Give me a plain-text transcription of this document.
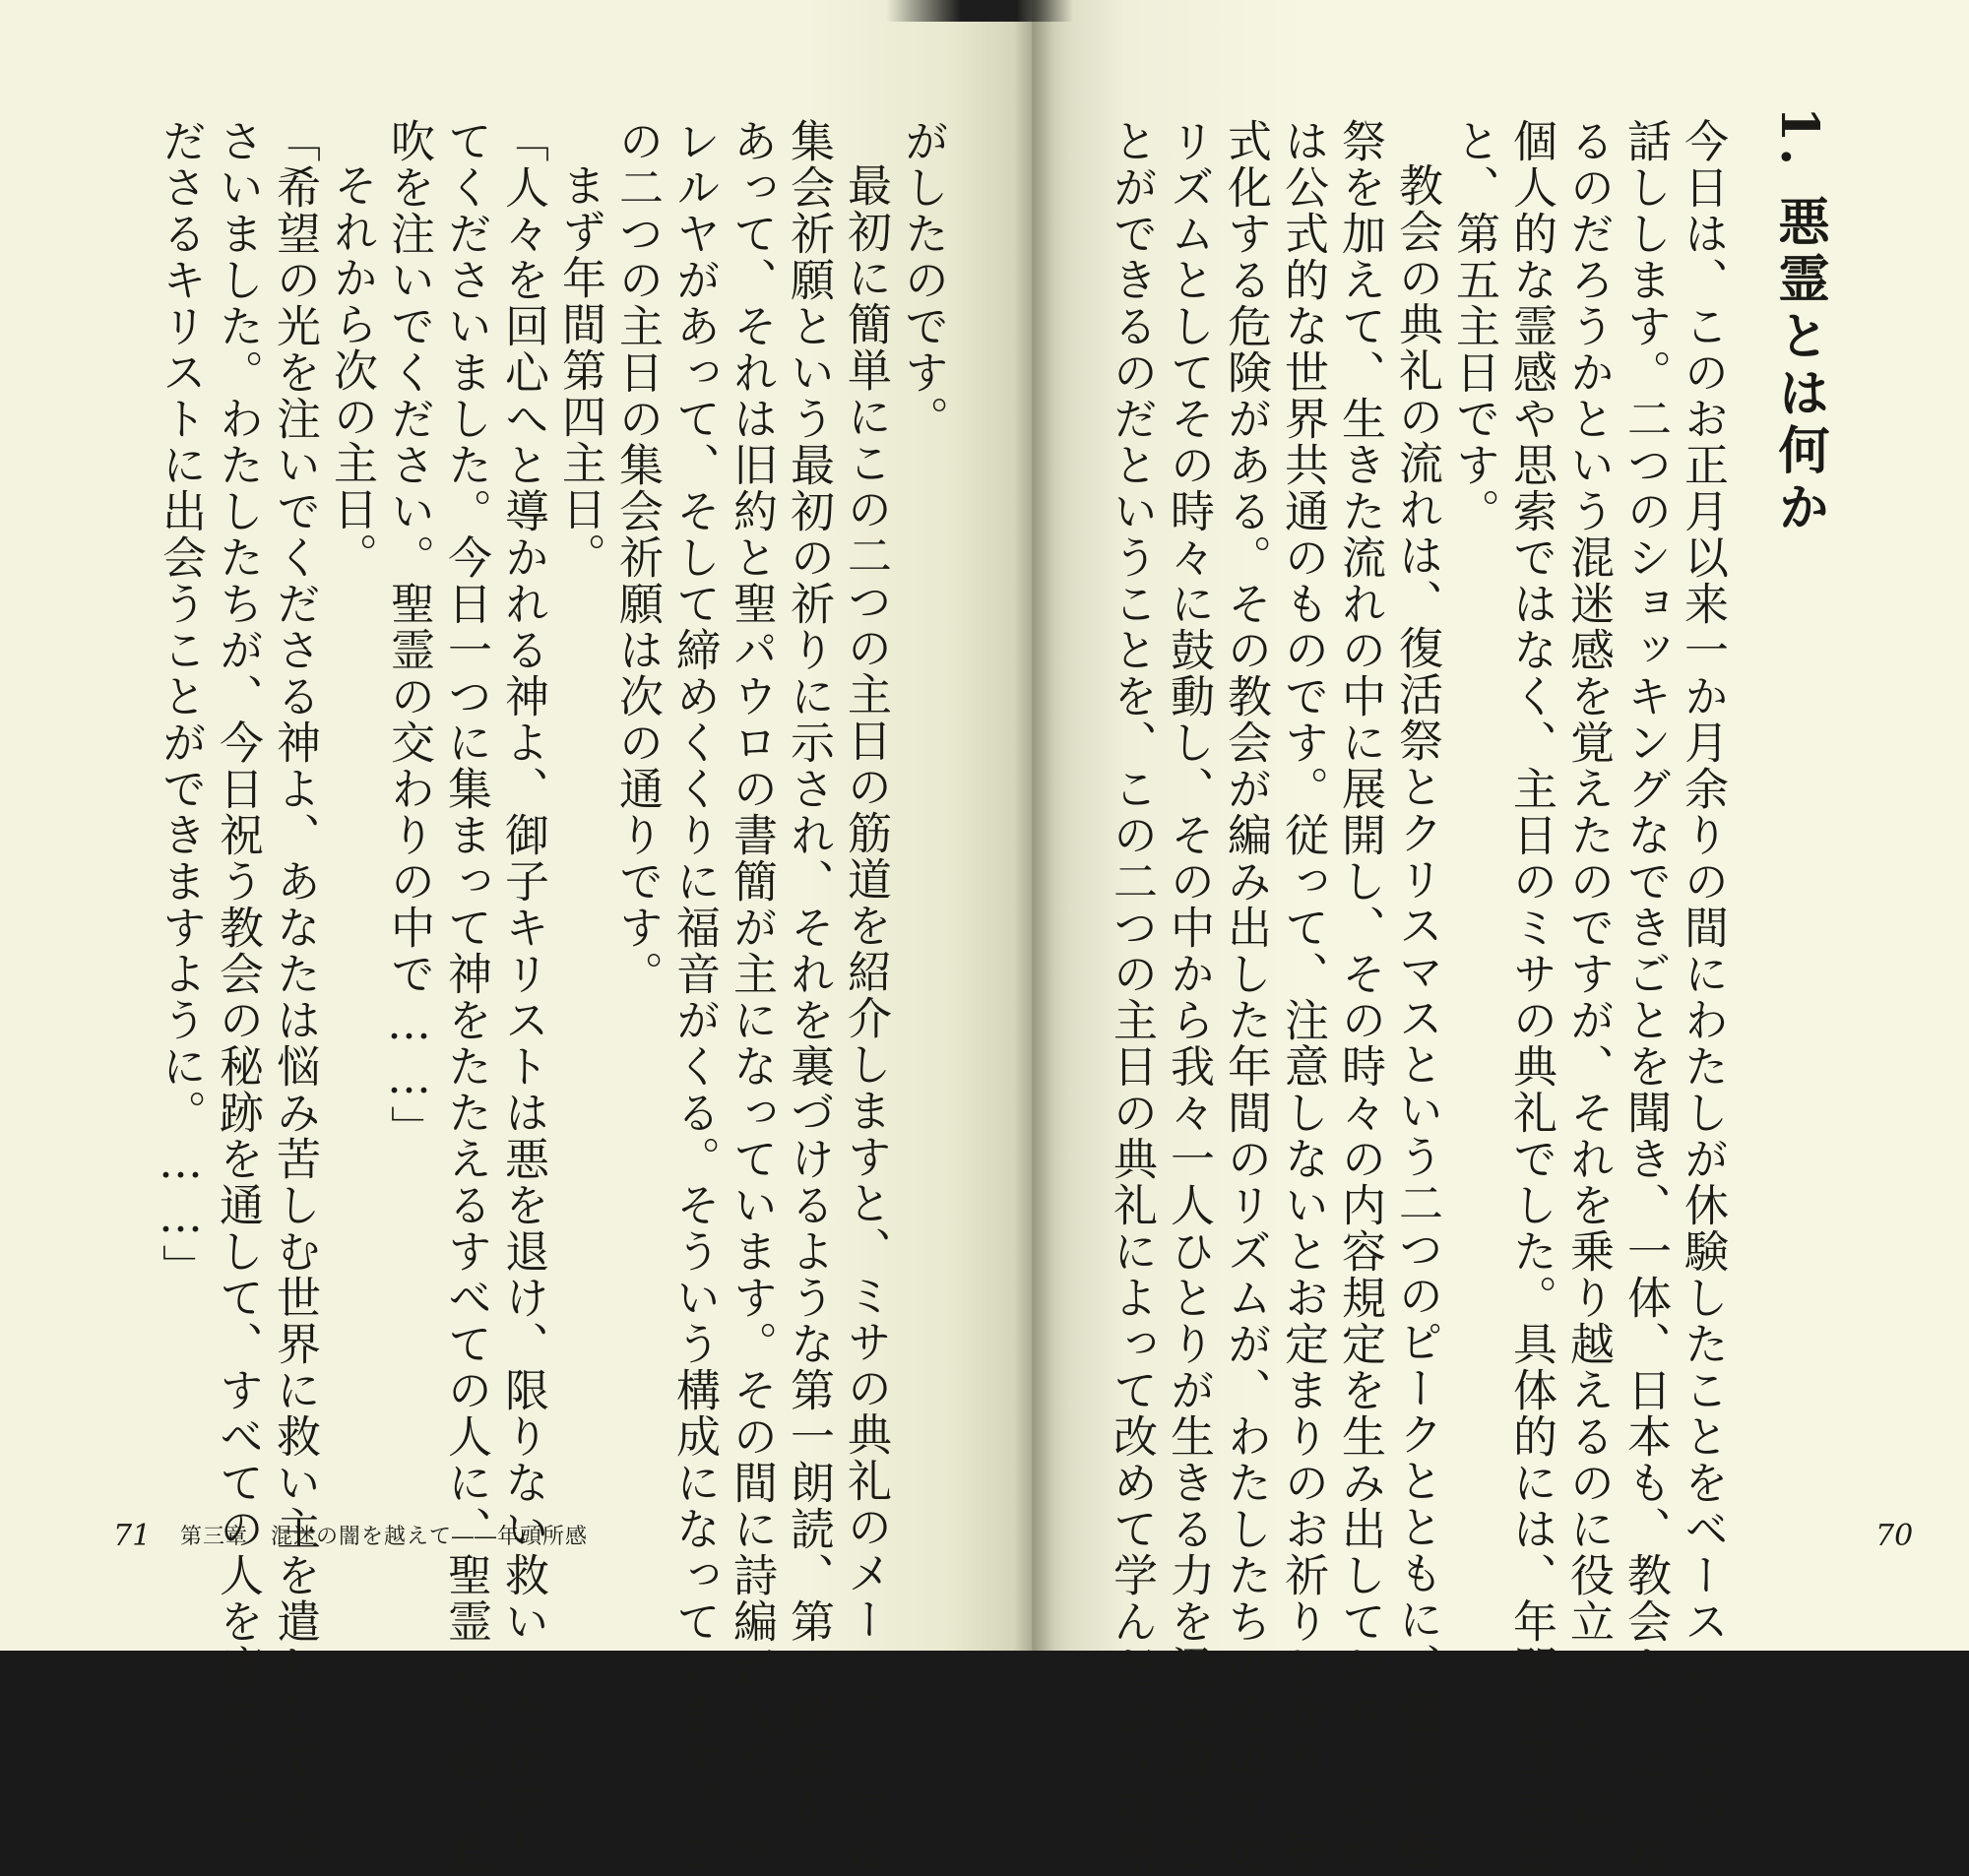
1. 悪霊とは何か
今日は、このお正月以来一か月余りの間にわたしが休験したことをベースにしてお
話しします。二つのショッキングなできごとを聞き、一体、日本も、教会も、どうな
るのだろうかという混迷感を覚えたのですが、それを乗り越えるのに役立ったのは、
個人的な霊感や思索ではなく、主日のミサの典礼でした。具体的には、年間第四主日
と、第五主日です。
教会の典礼の流れは、復活祭とクリスマスという二つのピークとともに、聖霊降臨
祭を加えて、生きた流れの中に展開し、その時々の内容規定を生み出しており、それ
は公式的な世界共通のものです。従って、注意しないとお定まりのお祈りとなり、形
式化する危険がある。その教会が編み出した年間のリズムが、わたしたちの心の中の
リズムとしてその時々に鼓動し、その中から我々一人ひとりが生きる力を汲み取るこ
とができるのだということを、この二つの主日の典礼によって改めて学んだような気	70
がしたのです。
最初に簡単にこの二つの主日の筋道を紹介しますと、ミサの典礼のメーンテーマは
集会祈願という最初の祈りに示され、それを裏づけるような第一朗読、第二朗読が
あって、それは旧約と聖パウロの書簡が主になっています。その間に詩編が入り、ア
レルヤがあって、そして締めくくりに福音がくる。そういう構成になっています。こ
の二つの主日の集会祈願は次の通りです。
まず年間第四主日。
「人々を回心へと導かれる神よ、御子キリストは悪を退け、限りない救いの力を示し
てくださいました。今日一つに集まって神をたたえるすべての人に、聖霊の力強い息
吹を注いでください。聖霊の交わりの中で……」
それから次の主日。
「希望の光を注いでくださる神よ、あなたは悩み苦しむ世界に救い主を遣わしてくだ
さいました。わたしたちが、今日祝う教会の秘跡を通して、すべての人を癒やしてく
ださるキリストに出会うことができますように。……」
71 第三章　混迷の闇を越えて――年頭所感
